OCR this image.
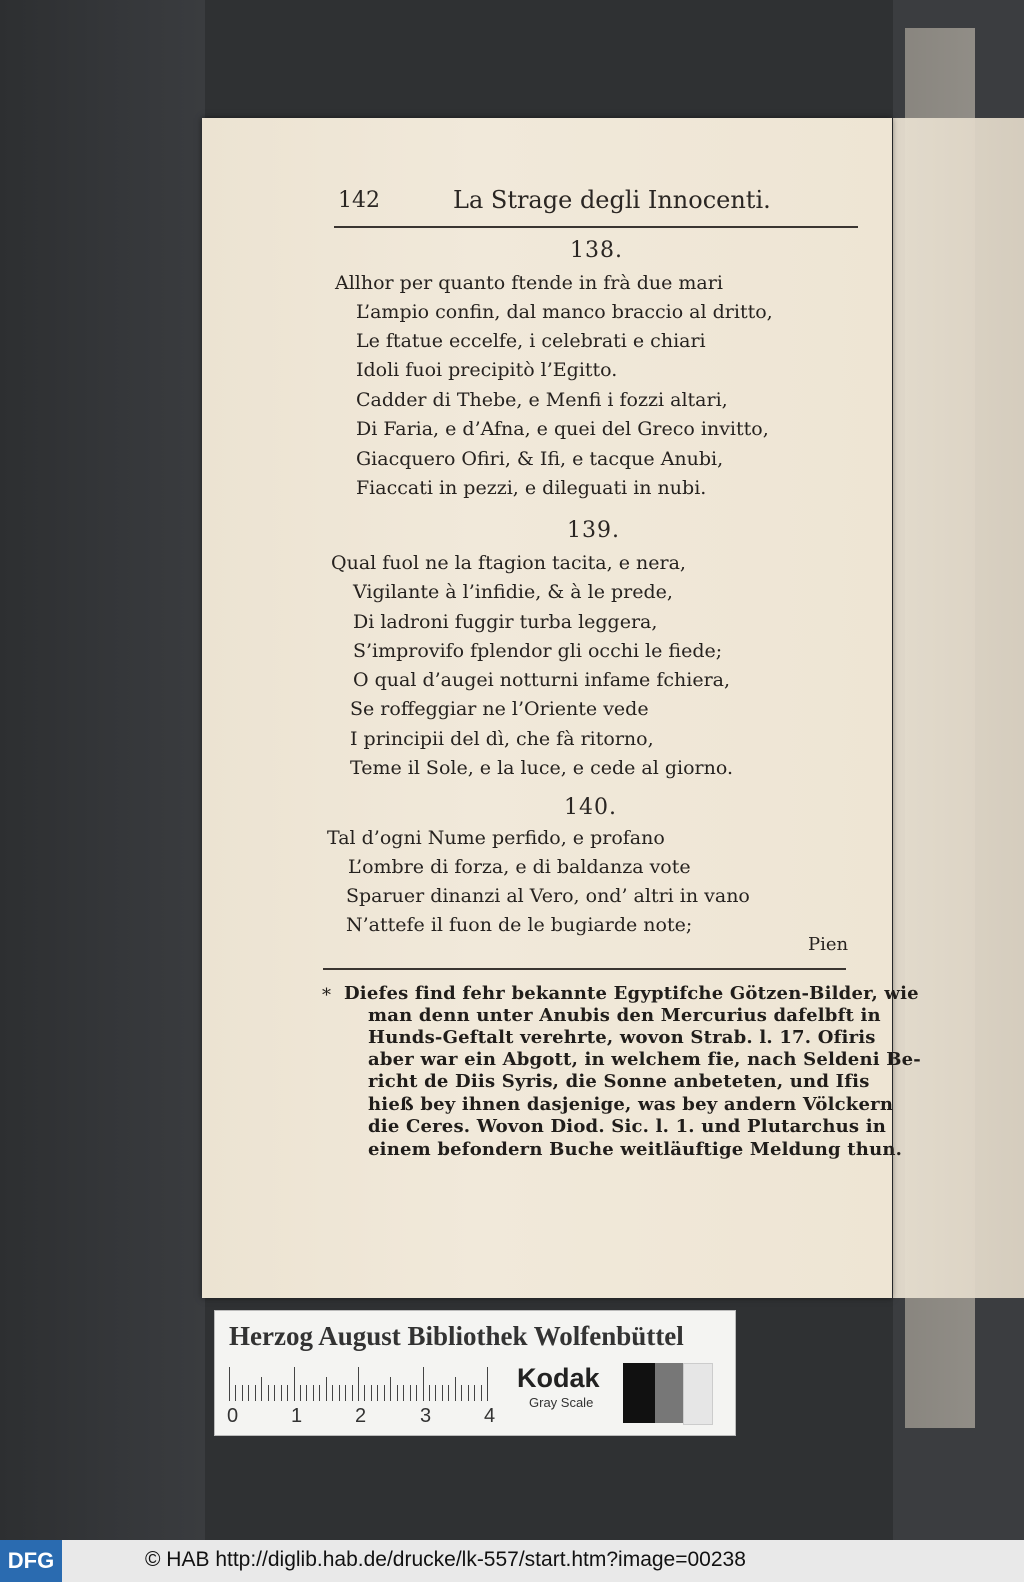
142	La Strage degli Innocenti.
138.
Allhor per quanto ftende in frà due mari
L’ampio confin, dal manco braccio al dritto,
Le ftatue eccelfe, i celebrati e chiari
Idoli fuoi precipitò l’Egitto.
Cadder di Thebe, e Menfi i fozzi altari,
Di Faria, e d’Afna, e quei del Greco invitto,
Giacquero Ofiri, & Ifi, e tacque Anubi,
Fiaccati in pezzi, e dileguati in nubi.
139.
Qual fuol ne la ftagion tacita, e nera,
Vigilante à l’infidie, & à le prede,
Di ladroni fuggir turba leggera,
S’improvifo fplendor gli occhi le fiede;
O qual d’augei notturni infame fchiera,
Se roffeggiar ne l’Oriente vede
I principii del dì, che fà ritorno,
Teme il Sole, e la luce, e cede al giorno.
140.
Tal d’ogni Nume perfido, e profano
L’ombre di forza, e di baldanza vote
Sparuer dinanzi al Vero, ond’ altri in vano
N’attefe il fuon de le bugiarde note;
Pien
* Diefes find fehr bekannte Egyptifche Götzen-Bilder, wie
man denn unter Anubis den Mercurius dafelbft in
Hunds-Geftalt verehrte, wovon Strab. l. 17. Ofiris
aber war ein Abgott, in welchem fie, nach Seldeni Be-
richt de Diis Syris, die Sonne anbeteten, und Ifis
hieß bey ihnen dasjenige, was bey andern Völckern
die Ceres. Wovon Diod. Sic. l. 1. und Plutarchus in
einem befondern Buche weitläuftige Meldung thun.
Herzog August Bibliothek Wolfenbüttel
0	1	2	3	4
Kodak
Gray Scale
DFG	© HAB http://diglib.hab.de/drucke/lk-557/start.htm?image=00238
